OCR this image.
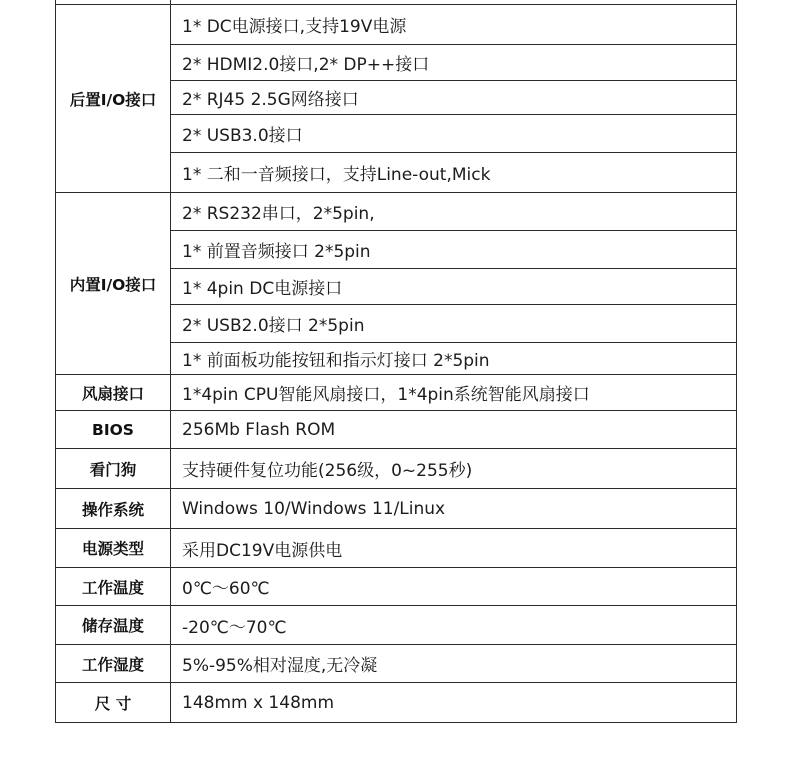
后置I/O接口	1* DC电源接口,支持19V电源
	2* HDMI2.0接口,2* DP++接口
	2* RJ45 2.5G网络接口
	2* USB3.0接口
	1* 二和一音频接口，支持Line-out,Mick
内置I/O接口	2* RS232串口，2*5pin,
	1* 前置音频接口 2*5pin
	1* 4pin DC电源接口
	2* USB2.0接口 2*5pin
	1* 前面板功能按钮和指示灯接口 2*5pin
风扇接口	1*4pin CPU智能风扇接口，1*4pin系统智能风扇接口
BIOS	256Mb Flash ROM
看门狗	支持硬件复位功能(256级，0~255秒)
操作系统	Windows 10/Windows 11/Linux
电源类型	采用DC19V电源供电
工作温度	0℃～60℃
储存温度	-20℃～70℃
工作湿度	5%-95%相对湿度,无冷凝
尺 寸	148mm x 148mm
